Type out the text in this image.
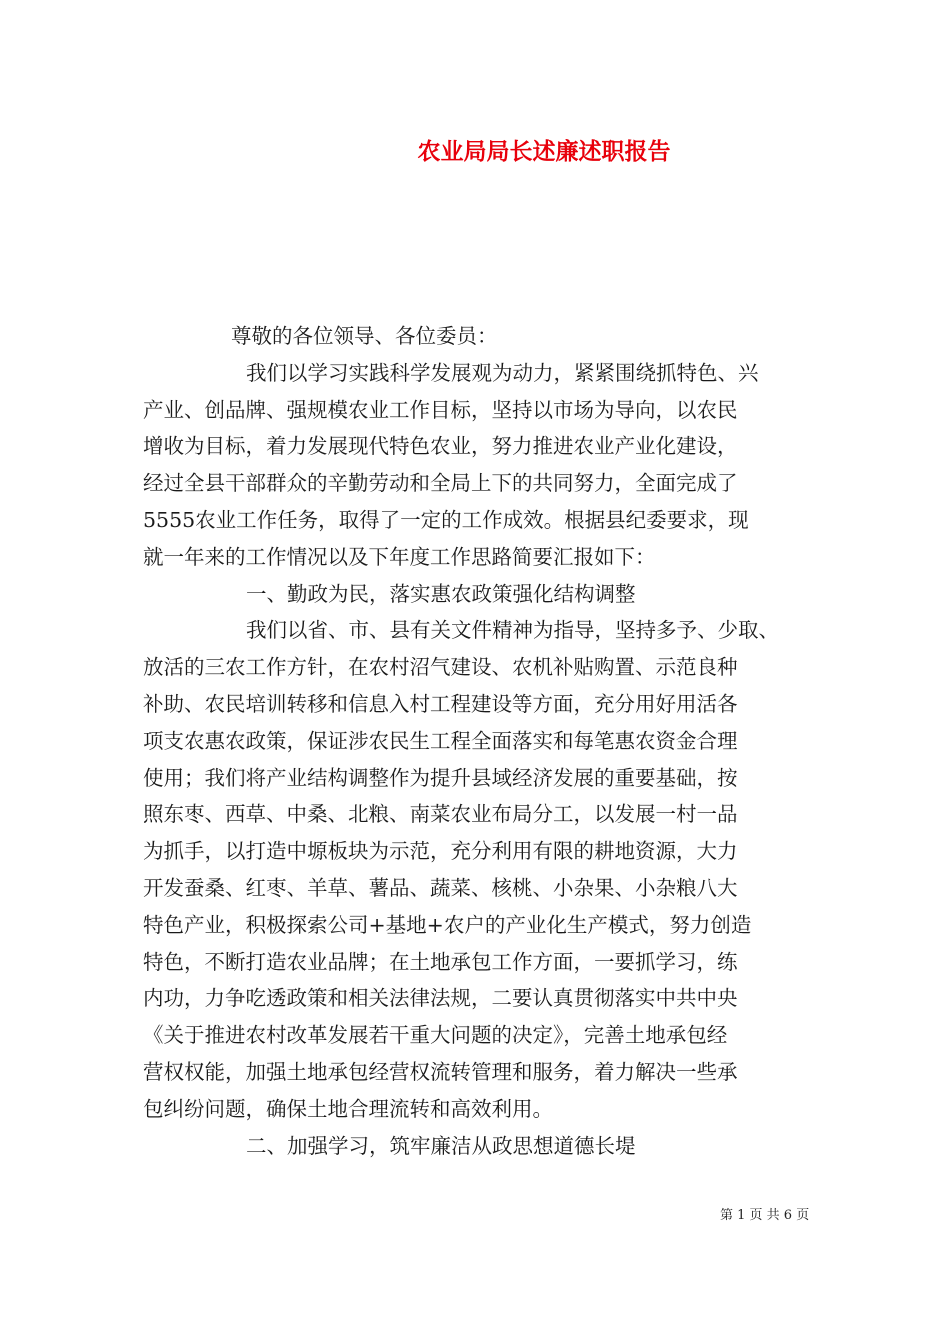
农业局局长述廉述职报告
尊敬的各位领导、各位委员：
我们以学习实践科学发展观为动力，紧紧围绕抓特色、兴
产业、创品牌、强规模农业工作目标，坚持以市场为导向，以农民
增收为目标，着力发展现代特色农业，努力推进农业产业化建设，
经过全县干部群众的辛勤劳动和全局上下的共同努力，全面完成了
5555农业工作任务，取得了一定的工作成效。根据县纪委要求，现
就一年来的工作情况以及下年度工作思路简要汇报如下：
一、勤政为民，落实惠农政策强化结构调整
我们以省、市、县有关文件精神为指导，坚持多予、少取、
放活的三农工作方针，在农村沼气建设、农机补贴购置、示范良种
补助、农民培训转移和信息入村工程建设等方面，充分用好用活各
项支农惠农政策，保证涉农民生工程全面落实和每笔惠农资金合理
使用；我们将产业结构调整作为提升县域经济发展的重要基础，按
照东枣、西草、中桑、北粮、南菜农业布局分工，以发展一村一品
为抓手，以打造中塬板块为示范，充分利用有限的耕地资源，大力
开发蚕桑、红枣、羊草、薯品、蔬菜、核桃、小杂果、小杂粮八大
特色产业，积极探索公司+基地+农户的产业化生产模式，努力创造
特色，不断打造农业品牌；在土地承包工作方面，一要抓学习，练
内功，力争吃透政策和相关法律法规，二要认真贯彻落实中共中央
《关于推进农村改革发展若干重大问题的决定》，完善土地承包经
营权权能，加强土地承包经营权流转管理和服务，着力解决一些承
包纠纷问题，确保土地合理流转和高效利用。
二、加强学习，筑牢廉洁从政思想道德长堤
第 1 页 共 6 页
